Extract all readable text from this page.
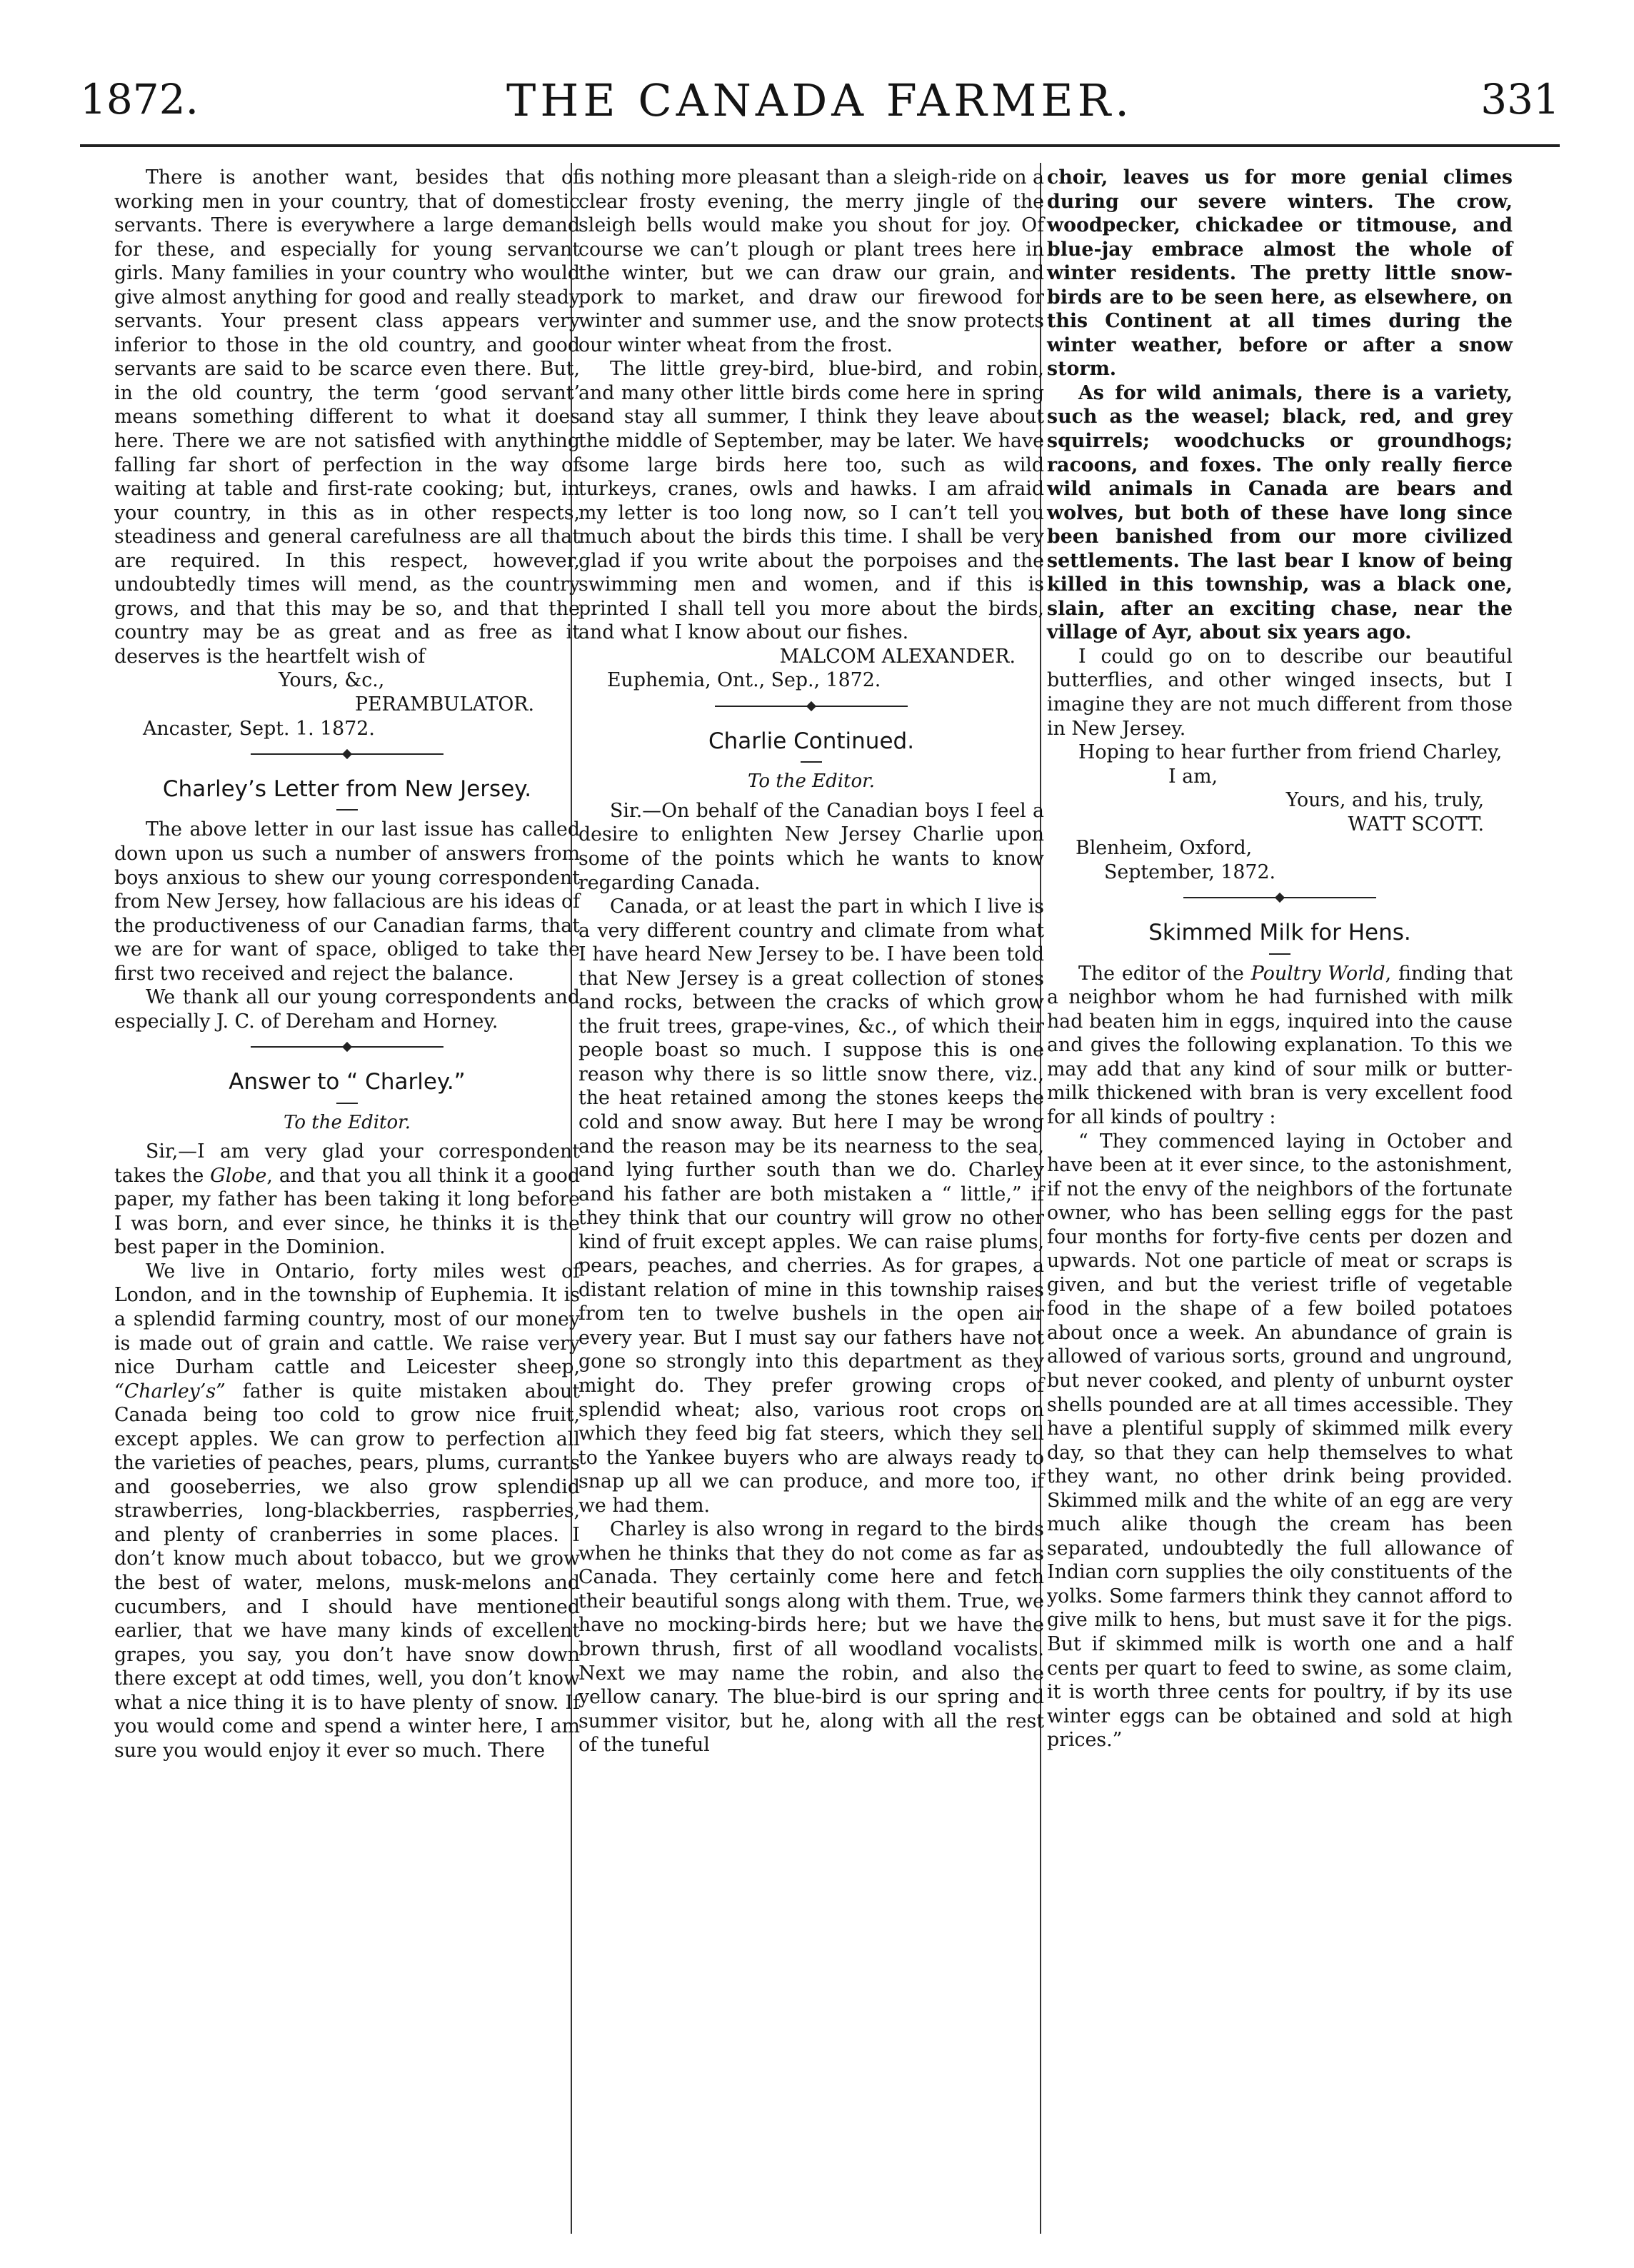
1872.	THE CANADA FARMER.	331

There is another want, besides that of working men in your country, that of domestic servants. There is everywhere a large demand for these, and especially for young servant girls. Many families in your country who would give almost anything for good and really steady servants. Your present class appears very inferior to those in the old country, and good servants are said to be scarce even there. But, in the old country, the term ‘good servant’ means something different to what it does here. There we are not satisfied with anything falling far short of perfection in the way of waiting at table and first-rate cooking; but, in your country, in this as in other respects, steadiness and general carefulness are all that are required. In this respect, however, undoubtedly times will mend, as the country grows, and that this may be so, and that the country may be as great and as free as it deserves is the heartfelt wish of

Yours, &c.,
PERAMBULATOR.
Ancaster, Sept. 1. 1872.
Charley’s Letter from New Jersey.

The above letter in our last issue has called down upon us such a number of answers from boys anxious to shew our young correspondent from New Jersey, how fallacious are his ideas of the productiveness of our Canadian farms, that we are for want of space, obliged to take the first two received and reject the balance.

We thank all our young correspondents and especially J. C. of Dereham and Horney.

Answer to “ Charley.”
To the Editor.

Sir,—I am very glad your correspondent takes the Globe, and that you all think it a good paper, my father has been taking it long before I was born, and ever since, he thinks it is the best paper in the Dominion.

We live in Ontario, forty miles west of London, and in the township of Euphemia. It is a splendid farming country, most of our money is made out of grain and cattle. We raise very nice Durham cattle and Leicester sheep, “Charley’s” father is quite mistaken about Canada being too cold to grow nice fruit, except apples. We can grow to perfection all the varieties of peaches, pears, plums, currants and gooseberries, we also grow splendid strawberries, long-blackberries, raspberries, and plenty of cranberries in some places. I don’t know much about tobacco, but we grow the best of water, melons, musk-melons and cucumbers, and I should have mentioned earlier, that we have many kinds of excellent grapes, you say, you don’t have snow down there except at odd times, well, you don’t know what a nice thing it is to have plenty of snow. If you would come and spend a winter here, I am sure you would enjoy it ever so much. There

is nothing more pleasant than a sleigh-ride on a clear frosty evening, the merry jingle of the sleigh bells would make you shout for joy. Of course we can’t plough or plant trees here in the winter, but we can draw our grain, and pork to market, and draw our firewood for winter and summer use, and the snow protects our winter wheat from the frost.

The little grey-bird, blue-bird, and robin, and many other little birds come here in spring and stay all summer, I think they leave about the middle of September, may be later. We have some large birds here too, such as wild turkeys, cranes, owls and hawks. I am afraid my letter is too long now, so I can’t tell you much about the birds this time. I shall be very glad if you write about the porpoises and the swimming men and women, and if this is printed I shall tell you more about the birds, and what I know about our fishes.

MALCOM ALEXANDER.
Euphemia, Ont., Sep., 1872.
Charlie Continued.
To the Editor.

Sir.—On behalf of the Canadian boys I feel a desire to enlighten New Jersey Charlie upon some of the points which he wants to know regarding Canada.

Canada, or at least the part in which I live is a very different country and climate from what I have heard New Jersey to be. I have been told that New Jersey is a great collection of stones and rocks, between the cracks of which grow the fruit trees, grape-vines, &c., of which their people boast so much. I suppose this is one reason why there is so little snow there, viz., the heat retained among the stones keeps the cold and snow away. But here I may be wrong and the reason may be its nearness to the sea, and lying further south than we do. Charley and his father are both mistaken a “ little,” if they think that our country will grow no other kind of fruit except apples. We can raise plums, pears, peaches, and cherries. As for grapes, a distant relation of mine in this township raises from ten to twelve bushels in the open air every year. But I must say our fathers have not gone so strongly into this department as they might do. They prefer growing crops of splendid wheat; also, various root crops on which they feed big fat steers, which they sell to the Yankee buyers who are always ready to snap up all we can produce, and more too, if we had them.

Charley is also wrong in regard to the birds when he thinks that they do not come as far as Canada. They certainly come here and fetch their beautiful songs along with them. True, we have no mocking-birds here; but we have the brown thrush, first of all woodland vocalists. Next we may name the robin, and also the yellow canary. The blue-bird is our spring and summer visitor, but he, along with all the rest of the tuneful

choir, leaves us for more genial climes during our severe winters. The crow, woodpecker, chickadee or titmouse, and blue-jay embrace almost the whole of winter residents. The pretty little snow-birds are to be seen here, as elsewhere, on this Continent at all times during the winter weather, before or after a snow storm.

As for wild animals, there is a variety, such as the weasel; black, red, and grey squirrels; woodchucks or groundhogs; racoons, and foxes. The only really fierce wild animals in Canada are bears and wolves, but both of these have long since been banished from our more civilized settlements. The last bear I know of being killed in this township, was a black one, slain, after an exciting chase, near the village of Ayr, about six years ago.

I could go on to describe our beautiful butterflies, and other winged insects, but I imagine they are not much different from those in New Jersey.

Hoping to hear further from friend Charley,

I am,
Yours, and his, truly,
WATT SCOTT.
Blenheim, Oxford,
September, 1872.
Skimmed Milk for Hens.

The editor of the Poultry World, finding that a neighbor whom he had furnished with milk had beaten him in eggs, inquired into the cause and gives the following explanation. To this we may add that any kind of sour milk or butter-milk thickened with bran is very excellent food for all kinds of poultry :

“ They commenced laying in October and have been at it ever since, to the astonishment, if not the envy of the neighbors of the fortunate owner, who has been selling eggs for the past four months for forty-five cents per dozen and upwards. Not one particle of meat or scraps is given, and but the veriest trifle of vegetable food in the shape of a few boiled potatoes about once a week. An abundance of grain is allowed of various sorts, ground and unground, but never cooked, and plenty of unburnt oyster shells pounded are at all times accessible. They have a plentiful supply of skimmed milk every day, so that they can help themselves to what they want, no other drink being provided. Skimmed milk and the white of an egg are very much alike though the cream has been separated, undoubtedly the full allowance of Indian corn supplies the oily constituents of the yolks. Some farmers think they cannot afford to give milk to hens, but must save it for the pigs. But if skimmed milk is worth one and a half cents per quart to feed to swine, as some claim, it is worth three cents for poultry, if by its use winter eggs can be obtained and sold at high prices.”
